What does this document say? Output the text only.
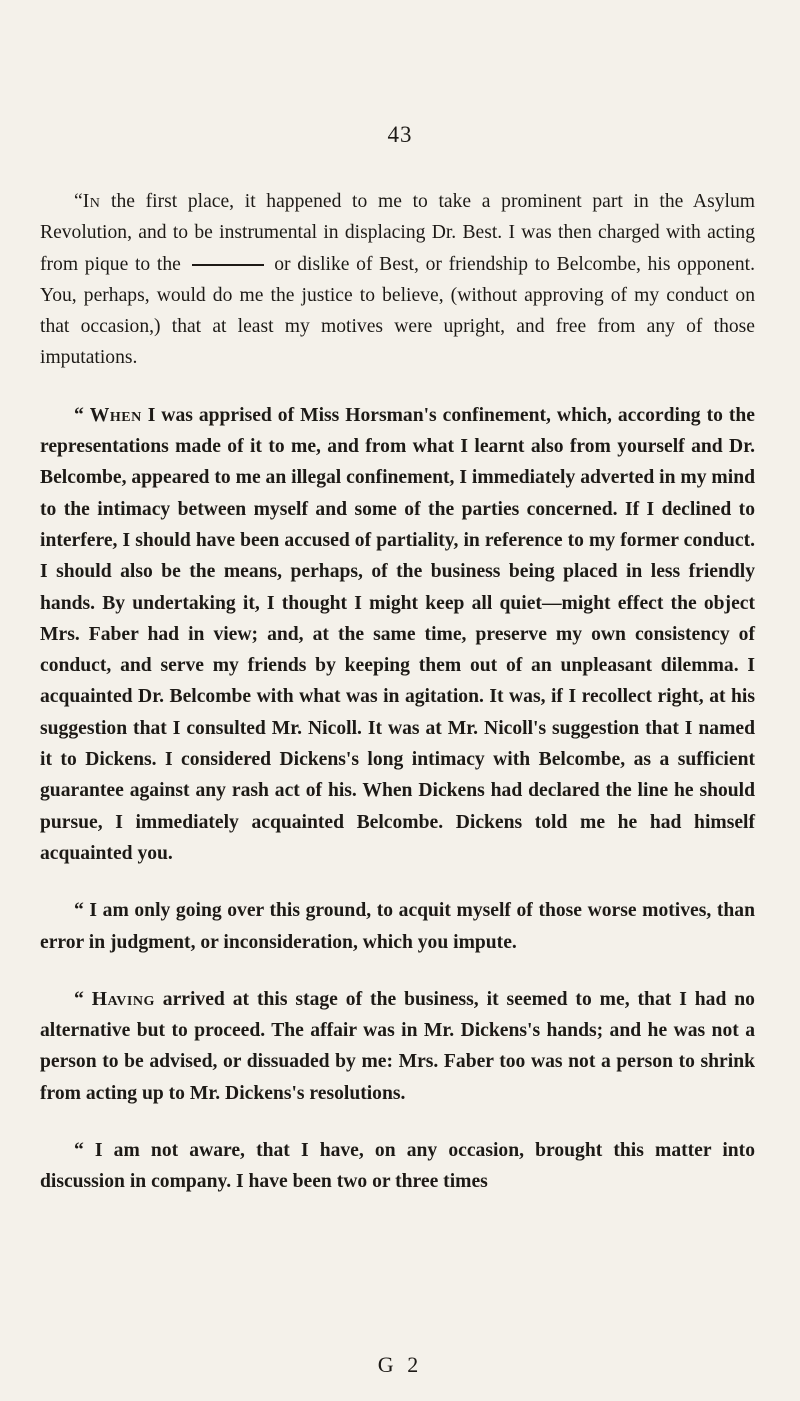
43

“In the first place, it happened to me to take a prominent part in the Asylum Revolution, and to be instrumental in displacing Dr. Best. I was then charged with acting from pique to the	or dislike of Best, or friendship to Belcombe, his opponent. You, perhaps, would do me the justice to believe, (without approving of my conduct on that occasion,) that at least my motives were upright, and free from any of those imputations.

“ When I was apprised of Miss Horsman's confinement, which, according to the representations made of it to me, and from what I learnt also from yourself and Dr. Belcombe, appeared to me an illegal confinement, I immediately adverted in my mind to the intimacy between myself and some of the parties concerned. If I declined to interfere, I should have been accused of partiality, in reference to my former conduct. I should also be the means, perhaps, of the business being placed in less friendly hands. By undertaking it, I thought I might keep all quiet—might effect the object Mrs. Faber had in view; and, at the same time, preserve my own consistency of conduct, and serve my friends by keeping them out of an unpleasant dilemma. I acquainted Dr. Belcombe with what was in agitation. It was, if I recollect right, at his suggestion that I consulted Mr. Nicoll. It was at Mr. Nicoll's suggestion that I named it to Dickens. I considered Dickens's long intimacy with Belcombe, as a sufficient guarantee against any rash act of his. When Dickens had declared the line he should pursue, I immediately acquainted Belcombe. Dickens told me he had himself acquainted you.

“ I am only going over this ground, to acquit myself of those worse motives, than error in judgment, or inconsideration, which you impute.

“ Having arrived at this stage of the business, it seemed to me, that I had no alternative but to proceed. The affair was in Mr. Dickens's hands; and he was not a person to be advised, or dissuaded by me: Mrs. Faber too was not a person to shrink from acting up to Mr. Dickens's resolutions.

“ I am not aware, that I have, on any occasion, brought this matter into discussion in company. I have been two or three times

G 2
